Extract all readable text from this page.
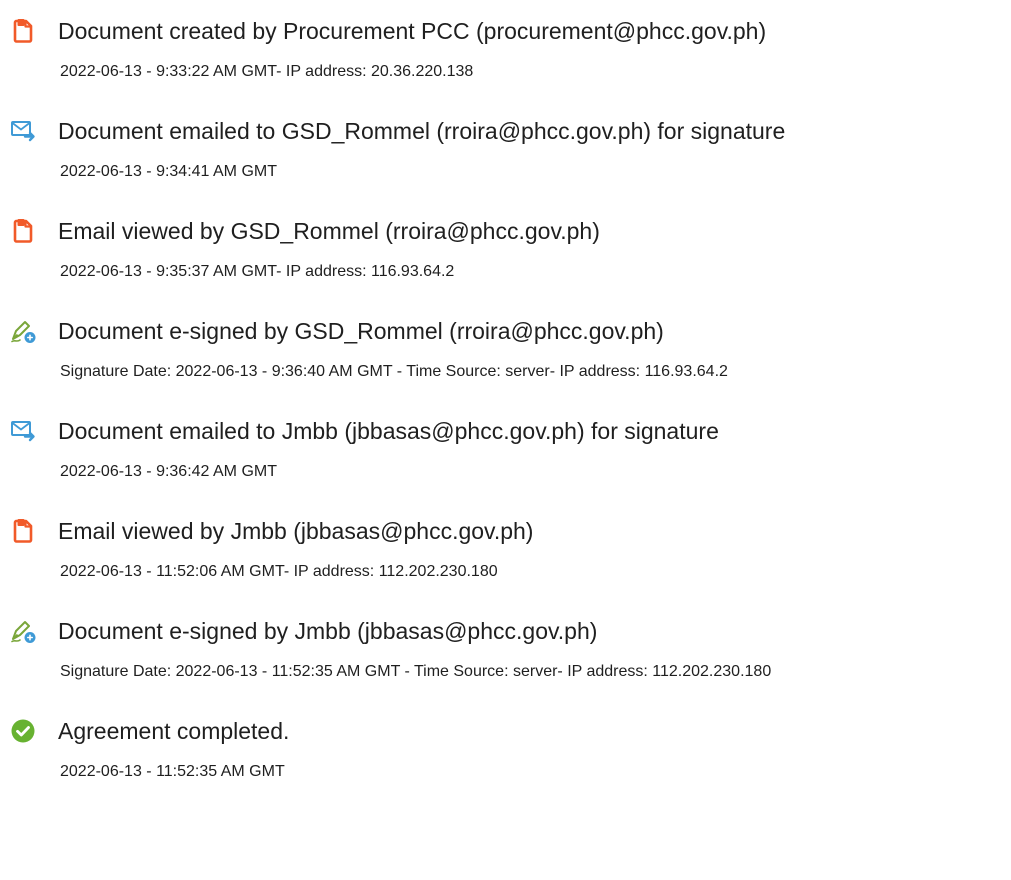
Document created by Procurement PCC (procurement@phcc.gov.ph)
2022-06-13 - 9:33:22 AM GMT- IP address: 20.36.220.138
Document emailed to GSD_Rommel (rroira@phcc.gov.ph) for signature
2022-06-13 - 9:34:41 AM GMT
Email viewed by GSD_Rommel (rroira@phcc.gov.ph)
2022-06-13 - 9:35:37 AM GMT- IP address: 116.93.64.2
Document e-signed by GSD_Rommel (rroira@phcc.gov.ph)
Signature Date: 2022-06-13 - 9:36:40 AM GMT - Time Source: server- IP address: 116.93.64.2
Document emailed to Jmbb (jbbasas@phcc.gov.ph) for signature
2022-06-13 - 9:36:42 AM GMT
Email viewed by Jmbb (jbbasas@phcc.gov.ph)
2022-06-13 - 11:52:06 AM GMT- IP address: 112.202.230.180
Document e-signed by Jmbb (jbbasas@phcc.gov.ph)
Signature Date: 2022-06-13 - 11:52:35 AM GMT - Time Source: server- IP address: 112.202.230.180
Agreement completed.
2022-06-13 - 11:52:35 AM GMT
